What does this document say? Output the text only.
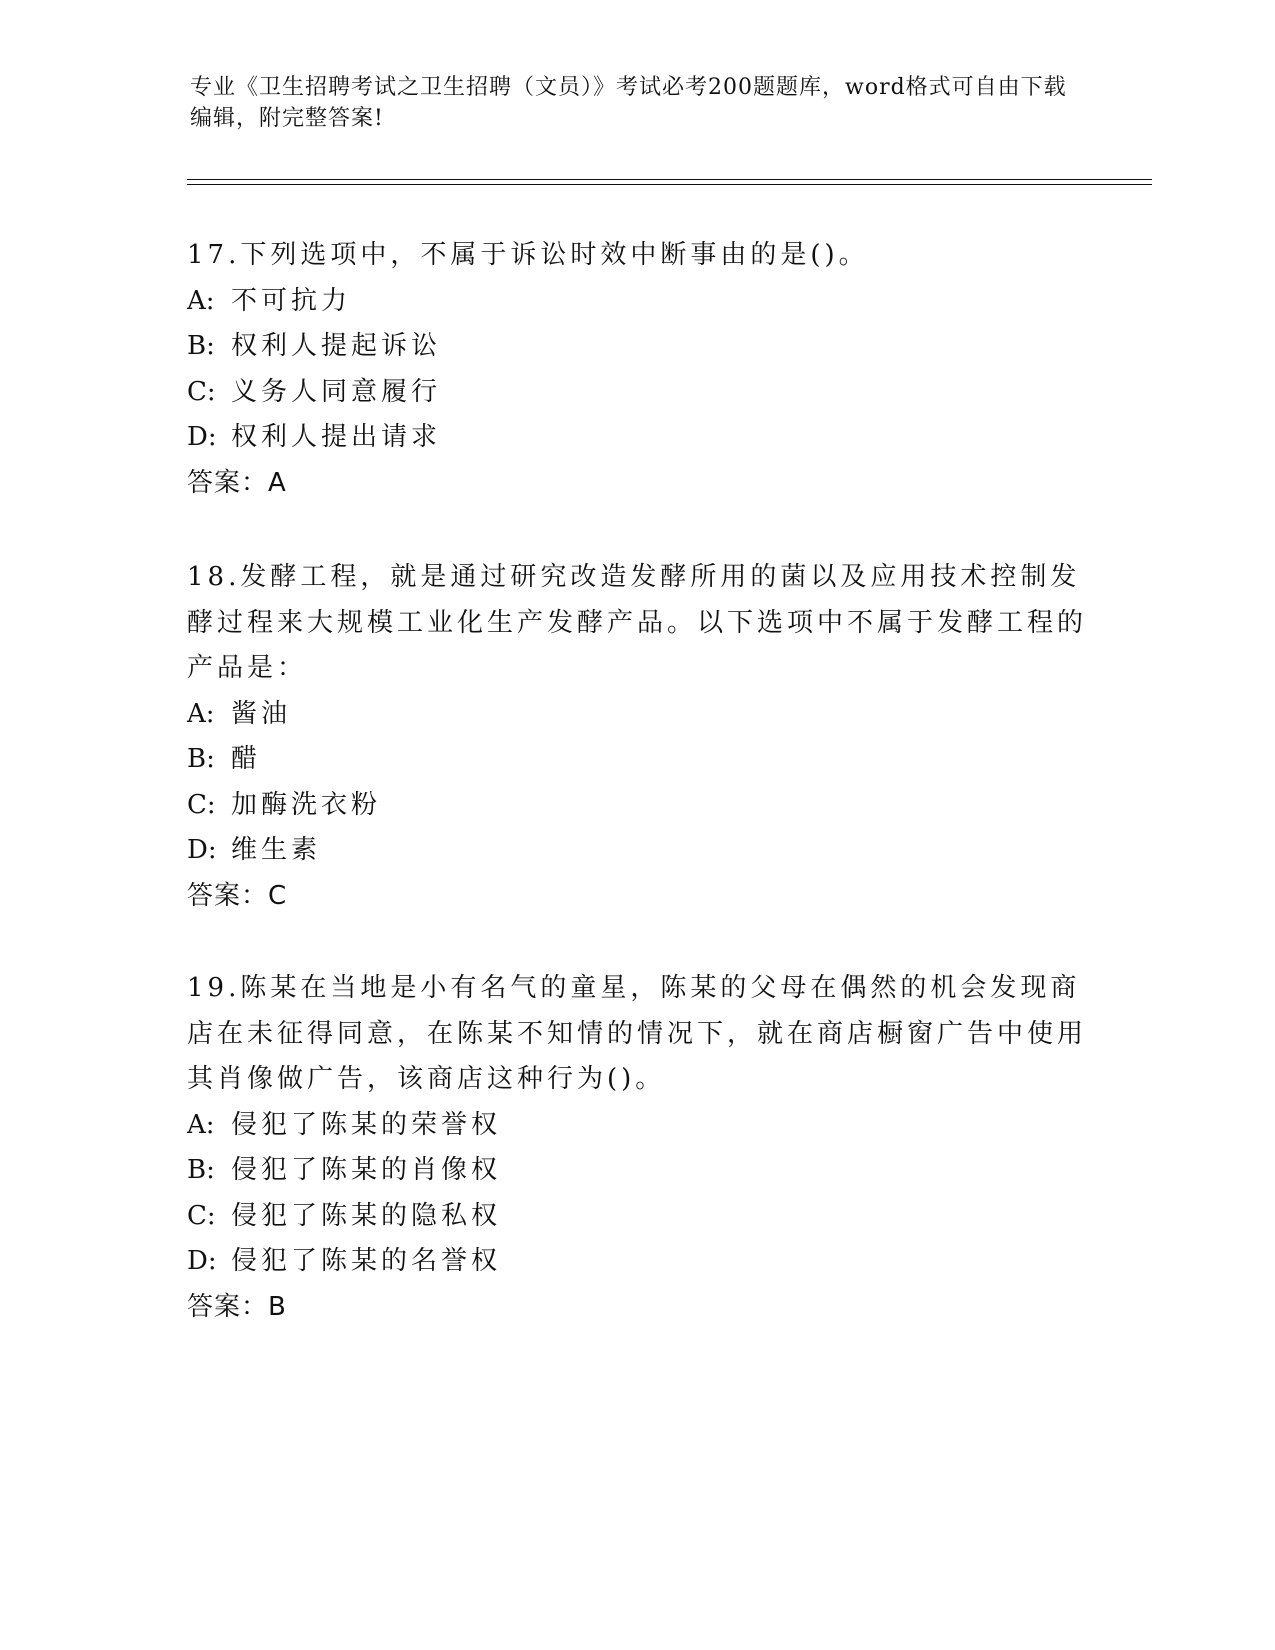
专业《卫生招聘考试之卫生招聘（文员）》考试必考200题题库，word格式可自由下载编辑，附完整答案!
17.下列选项中，不属于诉讼时效中断事由的是()。
A: 不可抗力
B: 权利人提起诉讼
C: 义务人同意履行
D: 权利人提出请求
答案：A
18.发酵工程，就是通过研究改造发酵所用的菌以及应用技术控制发酵过程来大规模工业化生产发酵产品。以下选项中不属于发酵工程的产品是：
A: 酱油
B: 醋
C: 加酶洗衣粉
D: 维生素
答案：C
19.陈某在当地是小有名气的童星，陈某的父母在偶然的机会发现商店在未征得同意，在陈某不知情的情况下，就在商店橱窗广告中使用其肖像做广告，该商店这种行为()。
A: 侵犯了陈某的荣誉权
B: 侵犯了陈某的肖像权
C: 侵犯了陈某的隐私权
D: 侵犯了陈某的名誉权
答案：B
